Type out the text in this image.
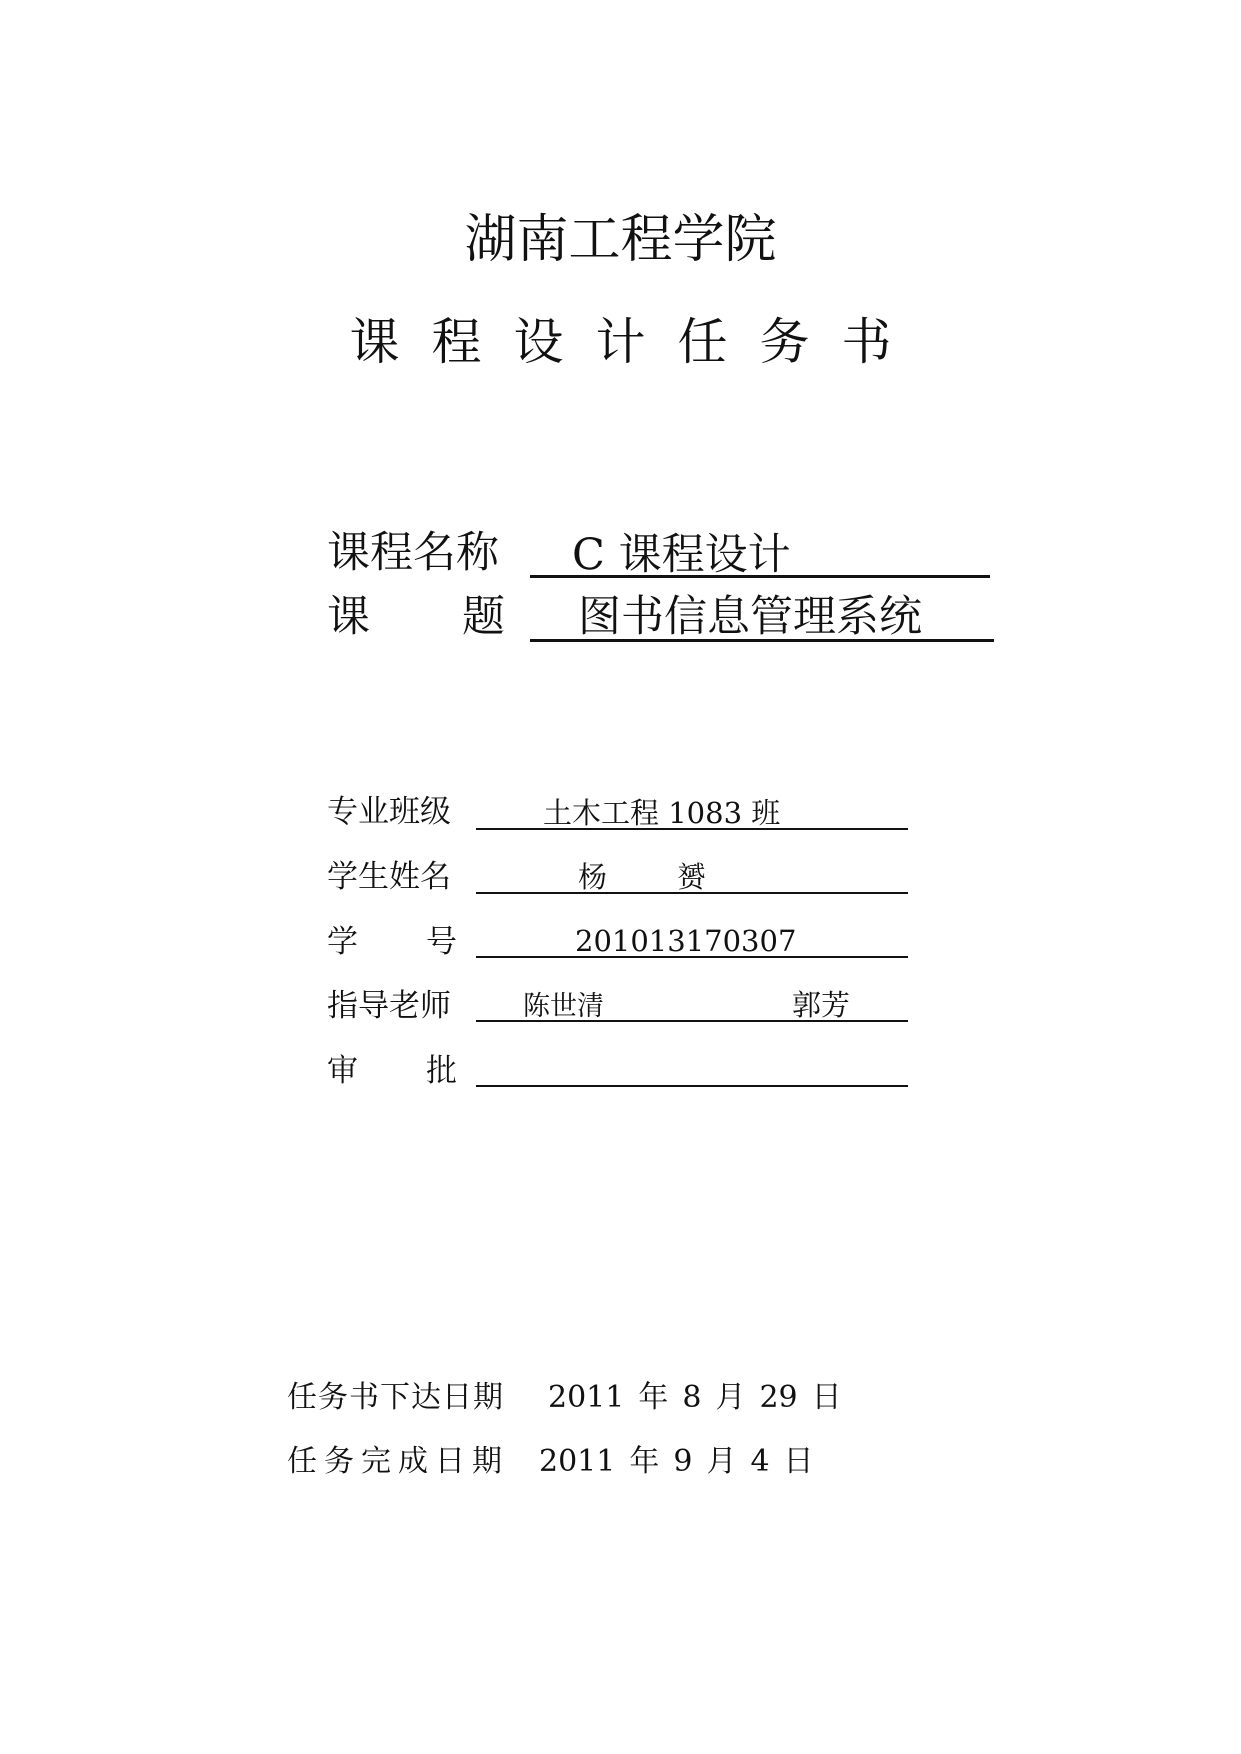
湖南工程学院
课 程 设 计 任 务 书
课程名称 C 课程设计
课 题 图书信息管理系统
专业班级	土木工程 1083 班
学生姓名	杨 赟
学 号	201013170307
指导老师	陈世清	郭芳
审 批
任务书下达日期 2011 年 8 月 29 日
任务完成日期 2011 年 9 月 4 日
